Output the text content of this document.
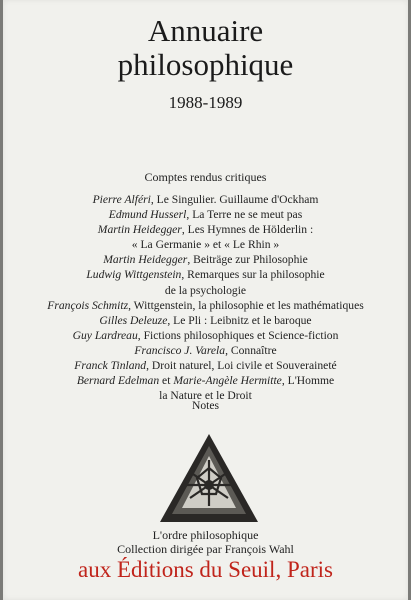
Annuaire
philosophique
1988-1989
Comptes rendus critiques
Pierre Alféri, Le Singulier. Guillaume d'Ockham
Edmund Husserl, La Terre ne se meut pas
Martin Heidegger, Les Hymnes de Hölderlin :
« La Germanie » et « Le Rhin »
Martin Heidegger, Beiträge zur Philosophie
Ludwig Wittgenstein, Remarques sur la philosophie
de la psychologie
François Schmitz, Wittgenstein, la philosophie et les mathématiques
Gilles Deleuze, Le Pli : Leibnitz et le baroque
Guy Lardreau, Fictions philosophiques et Science-fiction
Francisco J. Varela, Connaître
Franck Tinland, Droit naturel, Loi civile et Souveraineté
Bernard Edelman et Marie-Angèle Hermitte, L'Homme
la Nature et le Droit
Notes
L'ordre philosophique
Collection dirigée par François Wahl
aux Éditions du Seuil, Paris
